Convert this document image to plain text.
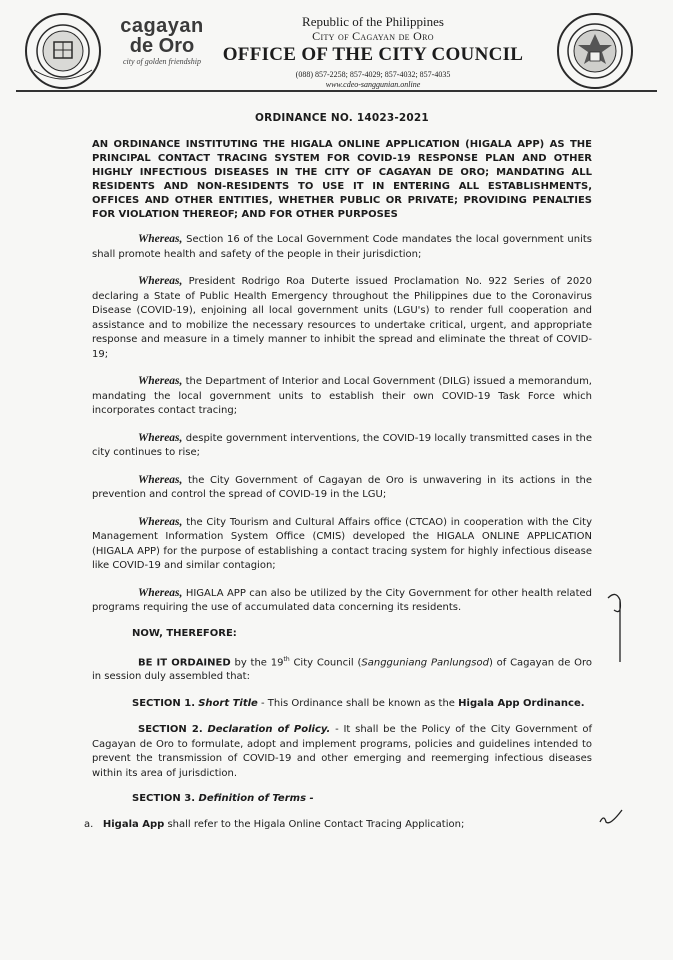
cagayan
de Oro
city of golden friendship
Republic of the Philippines
City of Cagayan de Oro
OFFICE OF THE CITY COUNCIL
(088) 857-2258; 857-4029; 857-4032; 857-4035
www.cdeo-sanggunian.online
ORDINANCE NO. 14023-2021
AN ORDINANCE INSTITUTING THE HIGALA ONLINE APPLICATION (HIGALA APP) AS THE PRINCIPAL CONTACT TRACING SYSTEM FOR COVID-19 RESPONSE PLAN AND OTHER HIGHLY INFECTIOUS DISEASES IN THE CITY OF CAGAYAN DE ORO; MANDATING ALL RESIDENTS AND NON-RESIDENTS TO USE IT IN ENTERING ALL ESTABLISHMENTS, OFFICES AND OTHER ENTITIES, WHETHER PUBLIC OR PRIVATE; PROVIDING PENALTIES FOR VIOLATION THEREOF; AND FOR OTHER PURPOSES

Whereas, Section 16 of the Local Government Code mandates the local government units shall promote health and safety of the people in their jurisdiction;

Whereas, President Rodrigo Roa Duterte issued Proclamation No. 922 Series of 2020 declaring a State of Public Health Emergency throughout the Philippines due to the Coronavirus Disease (COVID-19), enjoining all local government units (LGU's) to render full cooperation and assistance and to mobilize the necessary resources to undertake critical, urgent, and appropriate response and measure in a timely manner to inhibit the spread and eliminate the threat of COVID-19;

Whereas, the Department of Interior and Local Government (DILG) issued a memorandum, mandating the local government units to establish their own COVID-19 Task Force which incorporates contact tracing;

Whereas, despite government interventions, the COVID-19 locally transmitted cases in the city continues to rise;

Whereas, the City Government of Cagayan de Oro is unwavering in its actions in the prevention and control the spread of COVID-19 in the LGU;

Whereas, the City Tourism and Cultural Affairs office (CTCAO) in cooperation with the City Management Information System Office (CMIS) developed the HIGALA ONLINE APPLICATION (HIGALA APP) for the purpose of establishing a contact tracing system for highly infectious disease like COVID-19 and similar contagion;

Whereas, HIGALA APP can also be utilized by the City Government for other health related programs requiring the use of accumulated data concerning its residents.

NOW, THEREFORE:

BE IT ORDAINED by the 19th City Council (Sangguniang Panlungsod) of Cagayan de Oro in session duly assembled that:

SECTION 1. Short Title - This Ordinance shall be known as the Higala App Ordinance.

SECTION 2. Declaration of Policy. - It shall be the Policy of the City Government of Cagayan de Oro to formulate, adopt and implement programs, policies and guidelines intended to prevent the transmission of COVID-19 and other emerging and reemerging infectious diseases within its area of jurisdiction.

SECTION 3. Definition of Terms -
a. Higala App shall refer to the Higala Online Contact Tracing Application;
